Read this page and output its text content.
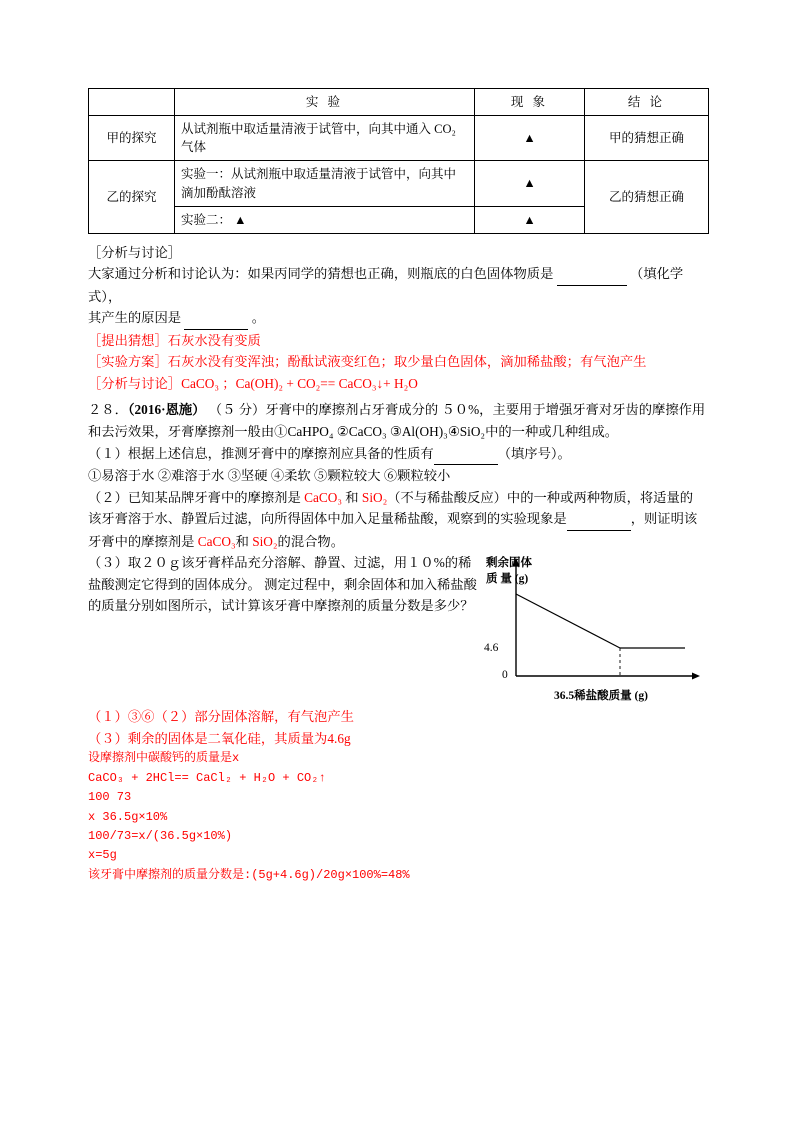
	实 验	现 象	结 论
甲的探究	从试剂瓶中取适量清液于试管中，向其中通入 CO₂ 气体	▲	甲的猜想正确
乙的探究	实验一：从试剂瓶中取适量清液于试管中，向其中滴加酚酞溶液	▲	乙的猜想正确
	实验二： ▲	▲	

［分析与讨论］

大家通过分析和讨论认为：如果丙同学的猜想也正确，则瓶底的白色固体物质是	（填化学式），

其产生的原因是	。

［提出猜想］石灰水没有变质

［实验方案］石灰水没有变浑浊；酚酞试液变红色；取少量白色固体，滴加稀盐酸；有气泡产生

［分析与讨论］CaCO₃ ；Ca(OH)₂ + CO₂== CaCO₃↓+ H₂O

２８．（2016·恩施） （５ 分）牙膏中的摩擦剂占牙膏成分的 ５０%，主要用于增强牙膏对牙齿的摩擦作用和去污效果，牙膏摩擦剂一般由①CaHPO₄ ②CaCO₃ ③Al(OH)₃④SiO₂中的一种或几种组成。

（１）根据上述信息，推测牙膏中的摩擦剂应具备的性质有	（填序号）。

①易溶于水 ②难溶于水 ③坚硬 ④柔软 ⑤颗粒较大 ⑥颗粒较小

（２）已知某品牌牙膏中的摩擦剂是 CaCO₃ 和 SiO₂（不与稀盐酸反应）中的一种或两种物质，将适量的该牙膏溶于水、静置后过滤，向所得固体中加入足量稀盐酸，观察到的实验现象是	，则证明该牙膏中的摩擦剂是 CaCO₃和 SiO₂的混合物。

（３）取２０ｇ该牙膏样品充分溶解、静置、过滤，用１０%的稀盐酸测定它得到的固体成分。 测定过程中，剩余固体和加入稀盐酸的质量分别如图所示，试计算该牙膏中摩擦剂的质量分数是多少？

剩余固体
质 量 (g)
4.6
0
36.5稀盐酸质量 (g)

（１）③⑥（２）部分固体溶解，有气泡产生

（３）剩余的固体是二氧化硅，其质量为4.6g

设摩擦剂中碳酸钙的质量是x

CaCO₃ + 2HCl== CaCl₂ + H₂O + CO₂↑

100 73

x 36.5g×10%

100/73=x/(36.5g×10%)

x=5g

该牙膏中摩擦剂的质量分数是:(5g+4.6g)/20g×100%=48%
